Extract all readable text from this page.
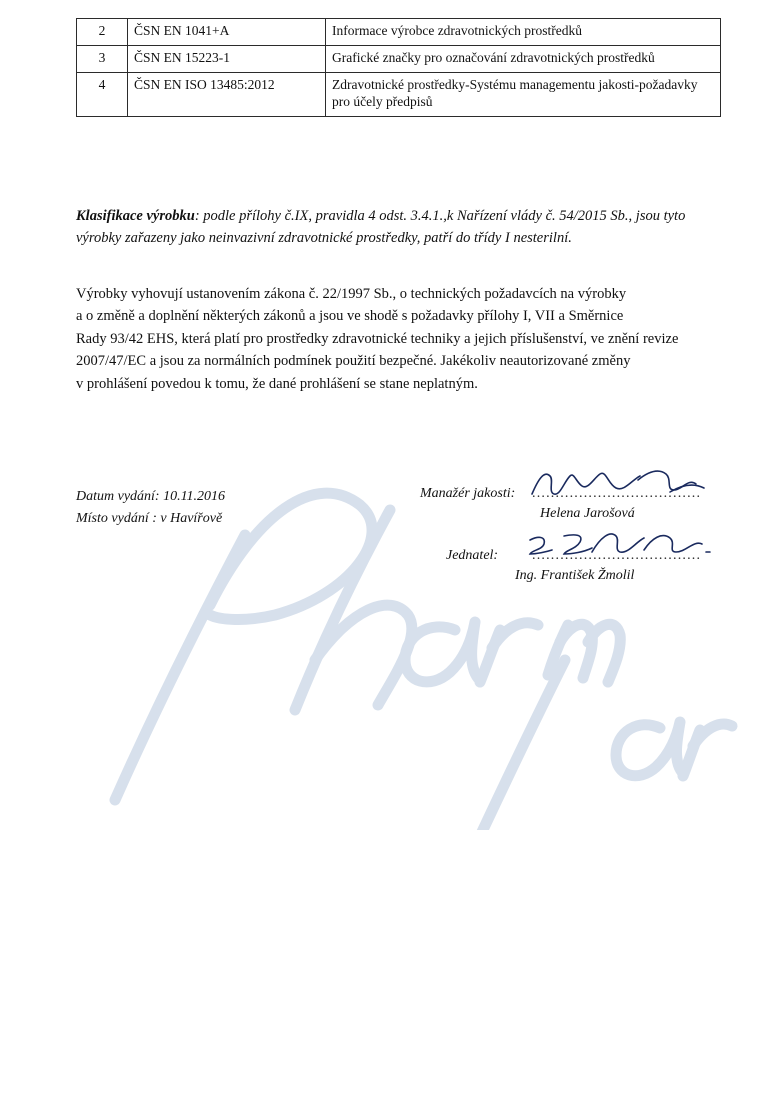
2	ČSN EN 1041+A	Informace výrobce zdravotnických prostředků
3	ČSN EN 15223-1	Grafické značky pro označování zdravotnických prostředků
4	ČSN EN ISO 13485:2012	Zdravotnické prostředky-Systému managementu jakosti-požadavky pro účely předpisů

Klasifikace výrobku: podle přílohy č.IX, pravidla 4 odst. 3.4.1.,k Nařízení vlády č. 54/2015 Sb., jsou tyto výrobky zařazeny jako neinvazivní zdravotnické prostředky, patří do třídy I nesterilní.

Výrobky vyhovují ustanovením zákona č. 22/1997 Sb., o technických požadavcích na výrobky
a o změně a doplnění některých zákonů a jsou ve shodě s požadavky přílohy I, VII a Směrnice
Rady 93/42 EHS, která platí pro prostředky zdravotnické techniky a jejich příslušenství, ve znění revize
2007/47/EC a jsou za normálních podmínek použití bezpečné. Jakékoliv neautorizované změny
v prohlášení povedou k tomu, že dané prohlášení se stane neplatným.
Datum vydání: 10.11.2016
Místo vydání : v Havířově
Manažér jakosti: ....................................
Helena Jarošová
Jednatel: ....................................
Ing. František Žmolil
